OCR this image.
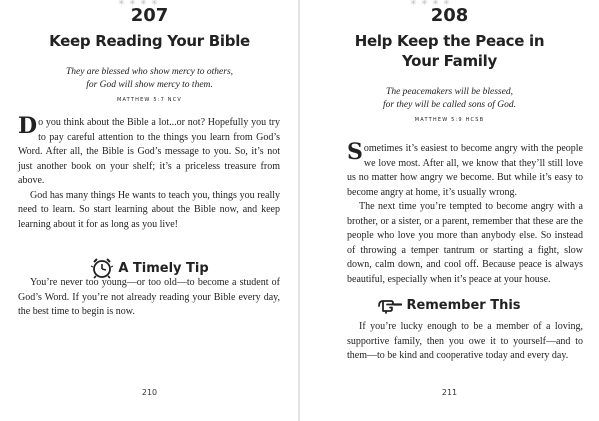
✳ ✳ ✳ ✳
207
Keep Reading Your Bible
They are blessed who show mercy to others,
for God will show mercy to them.
MATTHEW 5:7 NCV

Do you think about the Bible a lot...or not? Hopefully you try to pay careful attention to the things you learn from God’s Word. After all, the Bible is God’s message to you. So, it’s not just another book on your shelf; it’s a priceless treasure from above.

God has many things He wants to teach you, things you really need to learn. So start learning about the Bible now, and keep learning about it for as long as you live!

A Timely Tip

You’re never too young—or too old—to become a student of God’s Word. If you’re not already reading your Bible every day, the best time to begin is now.

210
✳ ✳ ✳ ✳
208
Help Keep the Peace in
Your Family
The peacemakers will be blessed,
for they will be called sons of God.
MATTHEW 5:9 HCSB

Sometimes it’s easiest to become angry with the people we love most. After all, we know that they’ll still love us no matter how angry we become. But while it’s easy to become angry at home, it’s usually wrong.

The next time you’re tempted to become angry with a brother, or a sister, or a parent, remember that these are the people who love you more than anybody else. So instead of throwing a temper tantrum or starting a fight, slow down, calm down, and cool off. Because peace is always beautiful, especially when it’s peace at your house.

Remember This

If you’re lucky enough to be a member of a loving, supportive family, then you owe it to yourself—and to them—to be kind and cooperative today and every day.

211
